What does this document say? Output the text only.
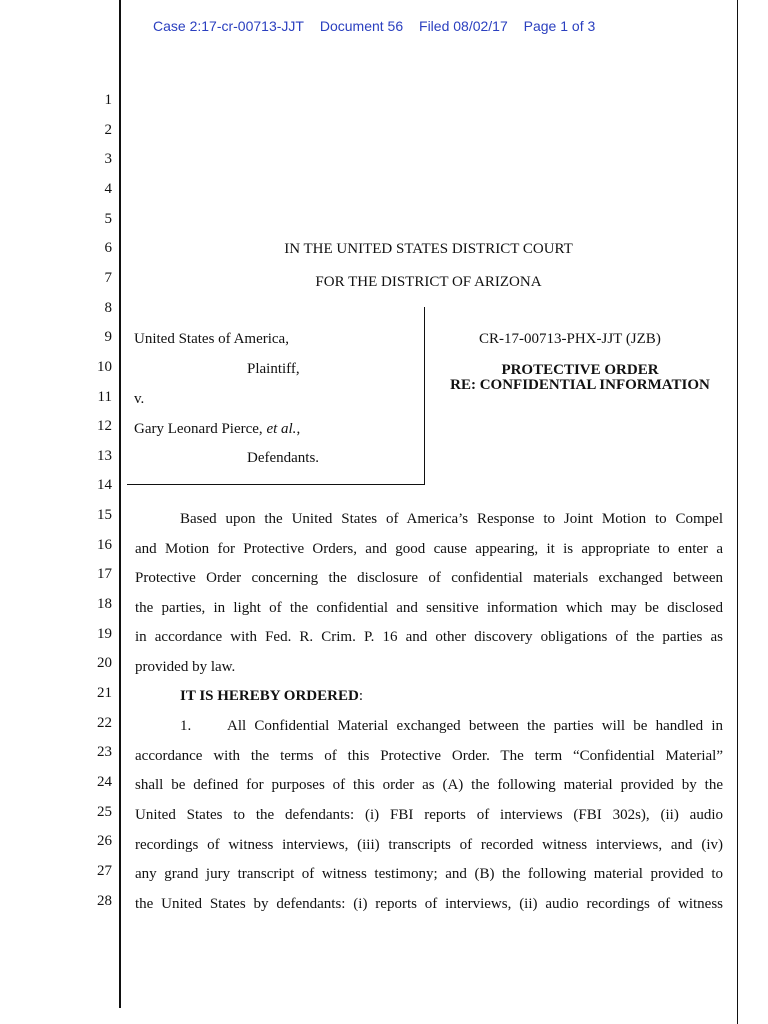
Case 2:17-cr-00713-JJT Document 56 Filed 08/02/17 Page 1 of 3
1
2
3
4
5
6
7
8
9
10
11
12
13
14
15
16
17
18
19
20
21
22
23
24
25
26
27
28
IN THE UNITED STATES DISTRICT COURT
FOR THE DISTRICT OF ARIZONA
United States of America,
Plaintiff,
v.
Gary Leonard Pierce, et al.,
Defendants.
CR-17-00713-PHX-JJT (JZB)
PROTECTIVE ORDER
RE: CONFIDENTIAL INFORMATION
Based upon the United States of America’s Response to Joint Motion to Compel
and Motion for Protective Orders, and good cause appearing, it is appropriate to enter a
Protective Order concerning the disclosure of confidential materials exchanged between
the parties, in light of the confidential and sensitive information which may be disclosed
in accordance with Fed. R. Crim. P. 16 and other discovery obligations of the parties as
provided by law.
IT IS HEREBY ORDERED:
1. All Confidential Material exchanged between the parties will be handled in
accordance with the terms of this Protective Order. The term “Confidential Material”
shall be defined for purposes of this order as (A) the following material provided by the
United States to the defendants: (i) FBI reports of interviews (FBI 302s), (ii) audio
recordings of witness interviews, (iii) transcripts of recorded witness interviews, and (iv)
any grand jury transcript of witness testimony; and (B) the following material provided to
the United States by defendants: (i) reports of interviews, (ii) audio recordings of witness
